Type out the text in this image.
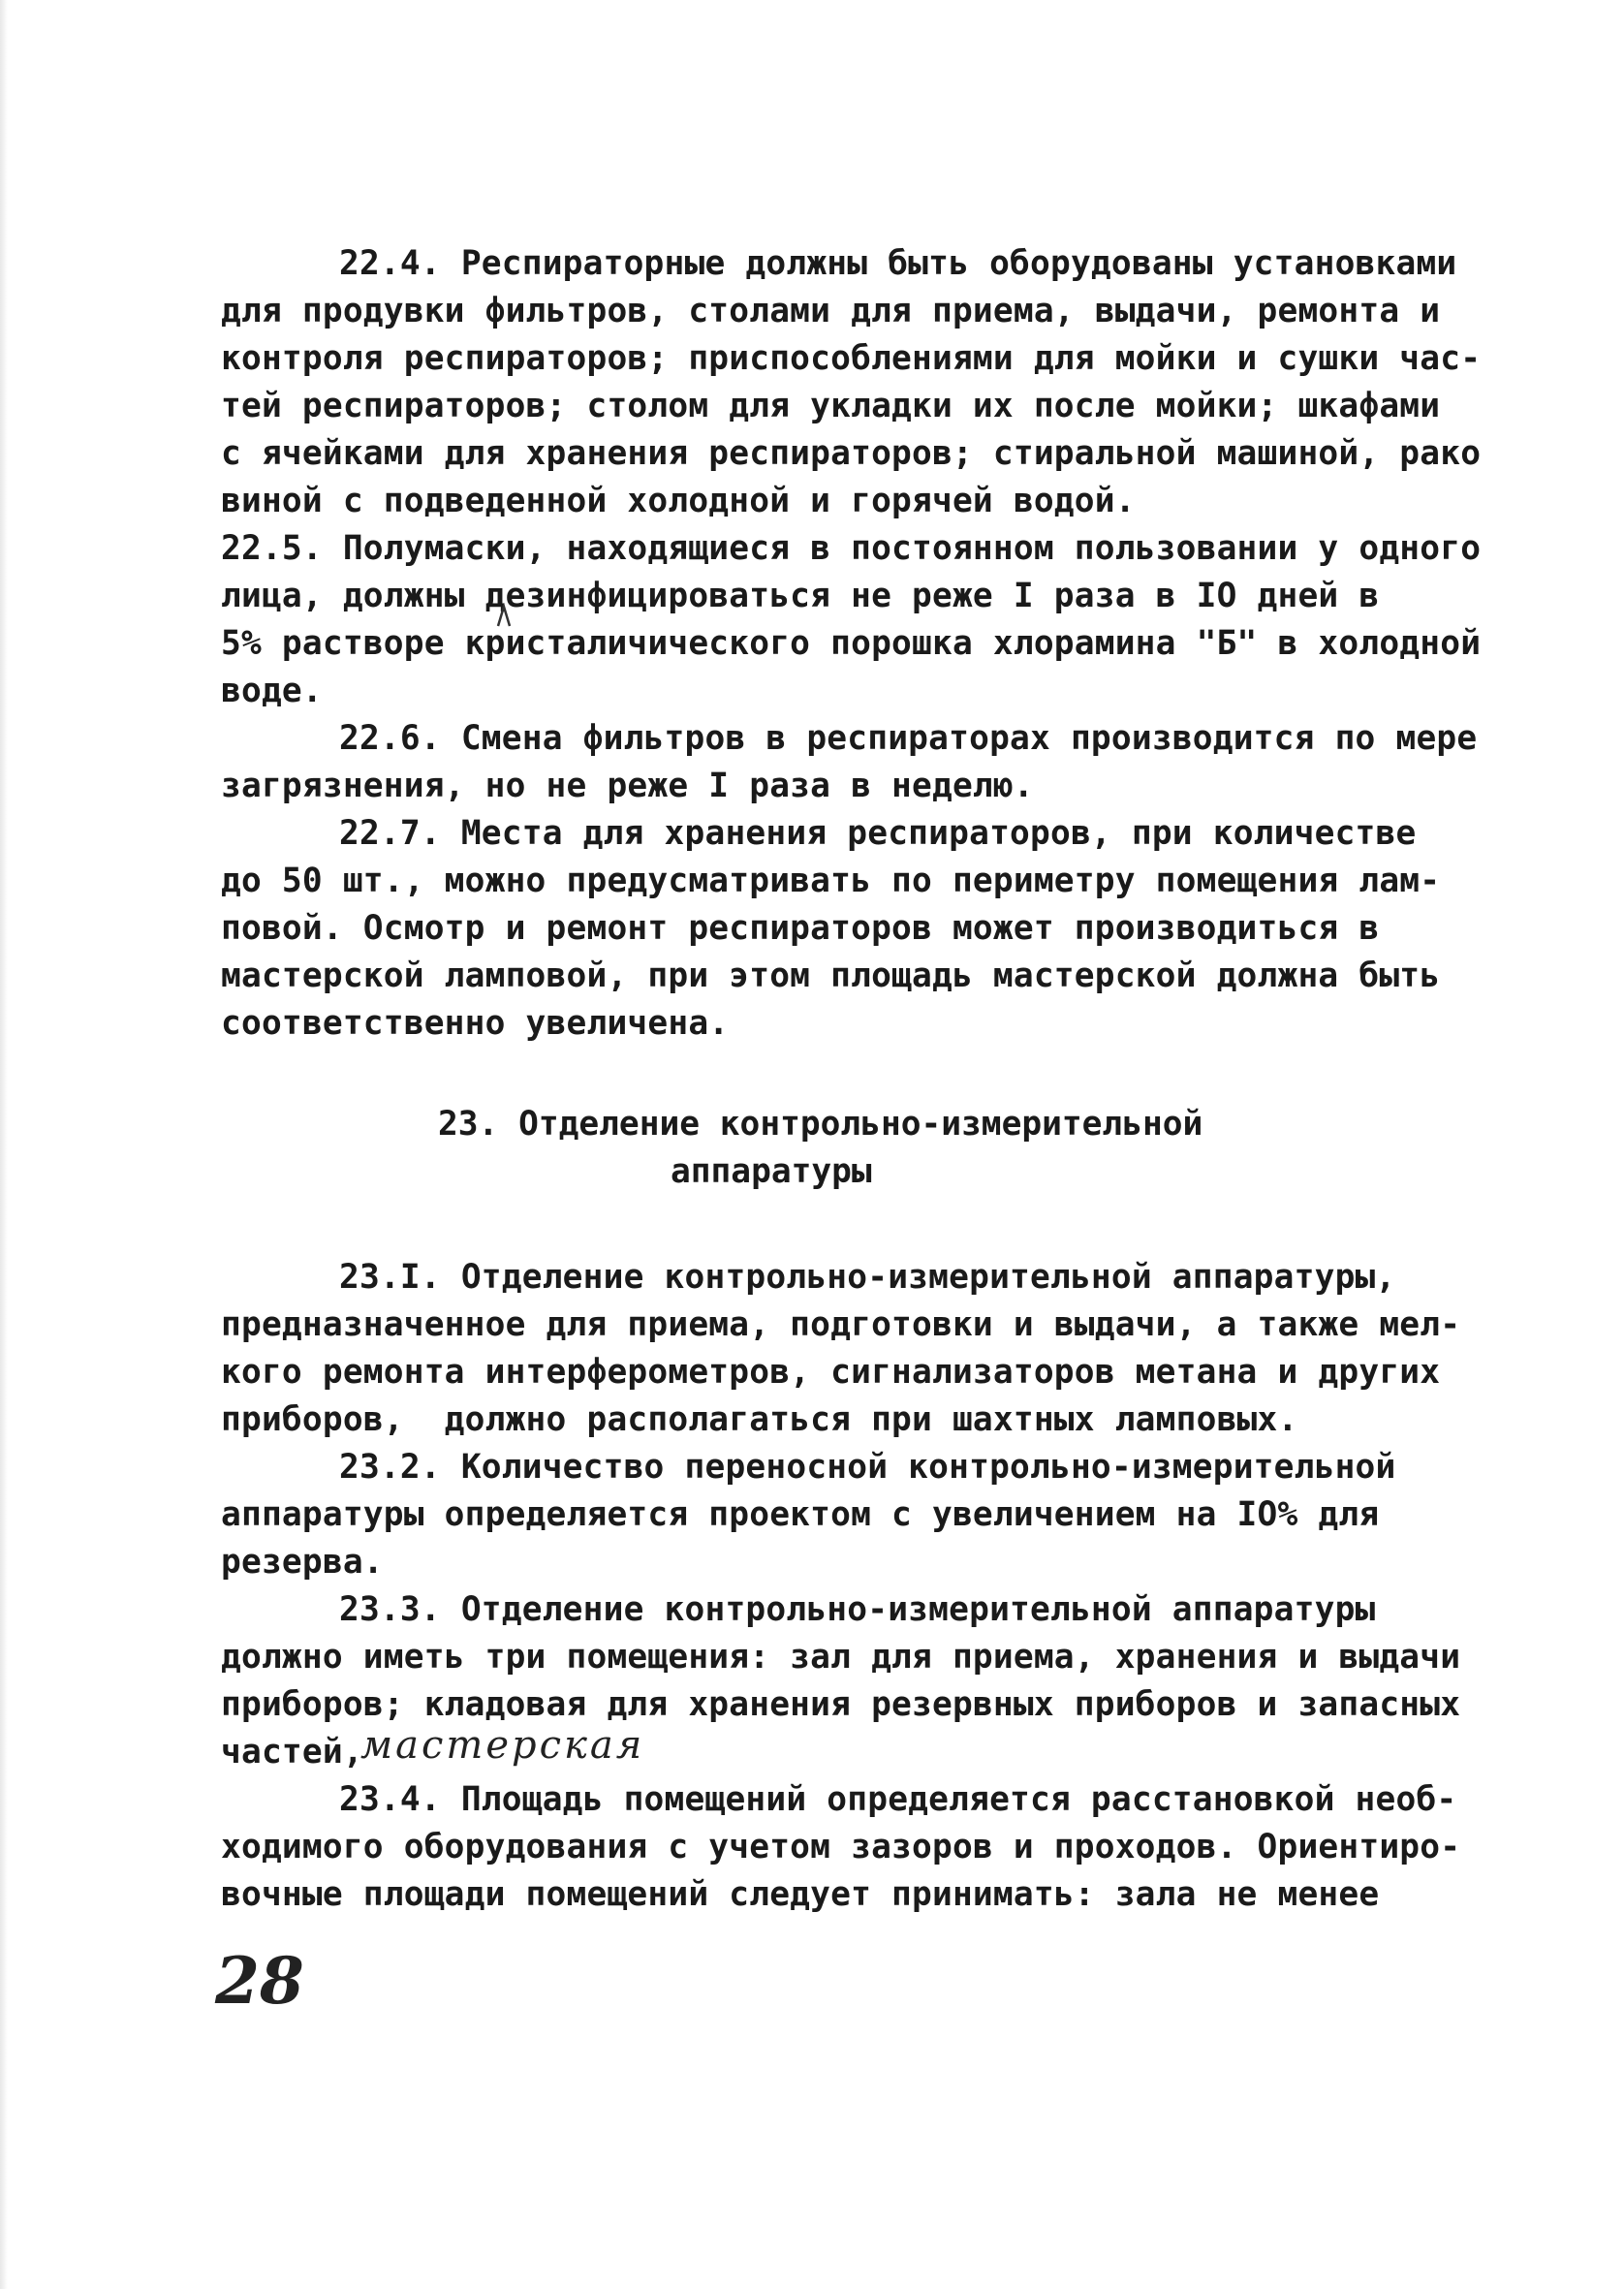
22.4. Респираторные должны быть оборудованы установками
для продувки фильтров, столами для приема, выдачи, ремонта и
контроля респираторов; приспособлениями для мойки и сушки час-
тей респираторов; столом для укладки их после мойки; шкафами
с ячейками для хранения респираторов; стиральной машиной, рако
виной с подведенной холодной и горячей водой.
22.5. Полумаски, находящиеся в постоянном пользовании у одного
лица, должны дезинфицироваться не реже I раза в IO дней в
5% растворе кристаличического порошка хлорамина "Б" в холодной
воде.
22.6. Смена фильтров в респираторах производится по мере
загрязнения, но не реже I раза в неделю.
22.7. Места для хранения респираторов, при количестве
до 50 шт., можно предусматривать по периметру помещения лам-
повой. Осмотр и ремонт респираторов может производиться в
мастерской ламповой, при этом площадь мастерской должна быть
соответственно увеличена.
23. Отделение контрольно-измерительной
аппаратуры
23.I. Отделение контрольно-измерительной аппаратуры,
предназначенное для приема, подготовки и выдачи, а также мел-
кого ремонта интерферометров, сигнализаторов метана и других
приборов,  должно располагаться при шахтных ламповых.
23.2. Количество переносной контрольно-измерительной
аппаратуры определяется проектом с увеличением на IO% для
резерва.
23.3. Отделение контрольно-измерительной аппаратуры
должно иметь три помещения: зал для приема, хранения и выдачи
приборов; кладовая для хранения резервных приборов и запасных
частей,
мастерская
23.4. Площадь помещений определяется расстановкой необ-
ходимого оборудования с учетом зазоров и проходов. Ориентиро-
вочные площади помещений следует принимать: зала не менее
28
